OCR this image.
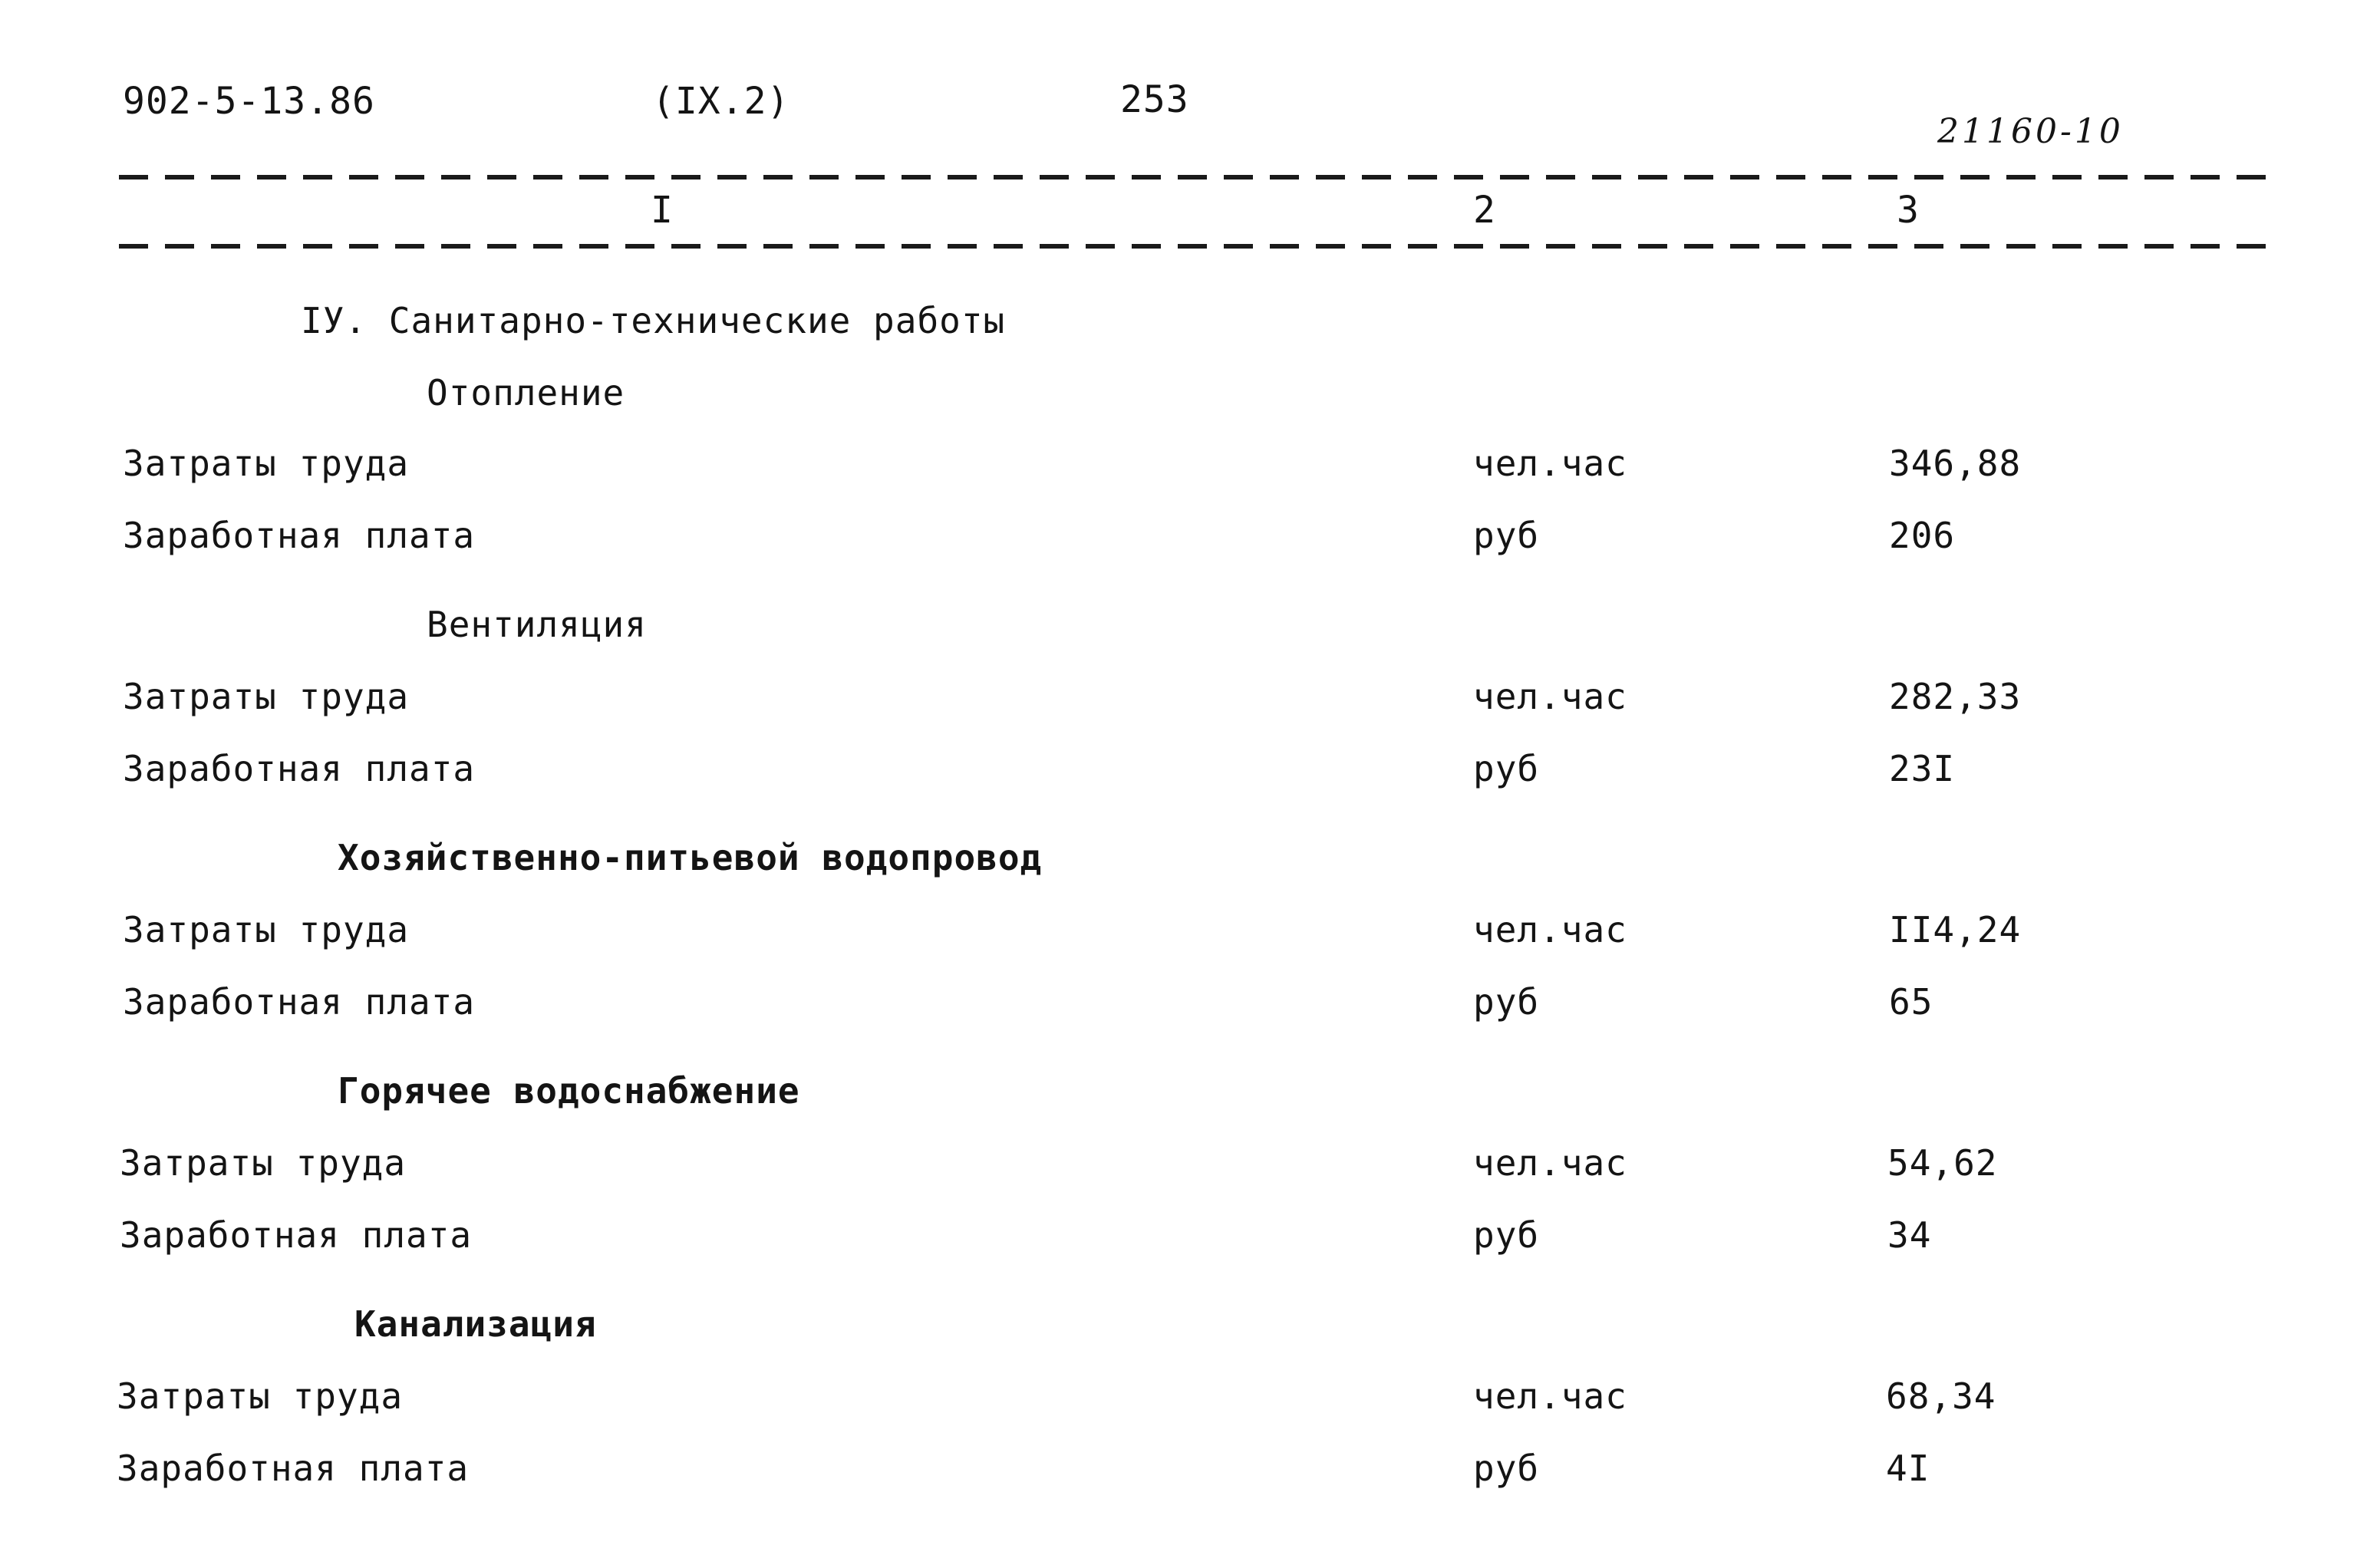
902-5-13.86	(IX.2)	253
21160-10
I	2	3
IУ. Санитарно-технические работы
Отопление
Затраты труда	чел.час	346,88
Заработная плата	руб	206
Вентиляция
Затраты труда	чел.час	282,33
Заработная плата	руб	23I
Хозяйственно-питьевой водопровод
Затраты труда	чел.час	II4,24
Заработная плата	руб	65
Горячее водоснабжение
Затраты труда	чел.час	54,62
Заработная плата	руб	34
Канализация
Затраты труда	чел.час	68,34
Заработная плата	руб	4I
